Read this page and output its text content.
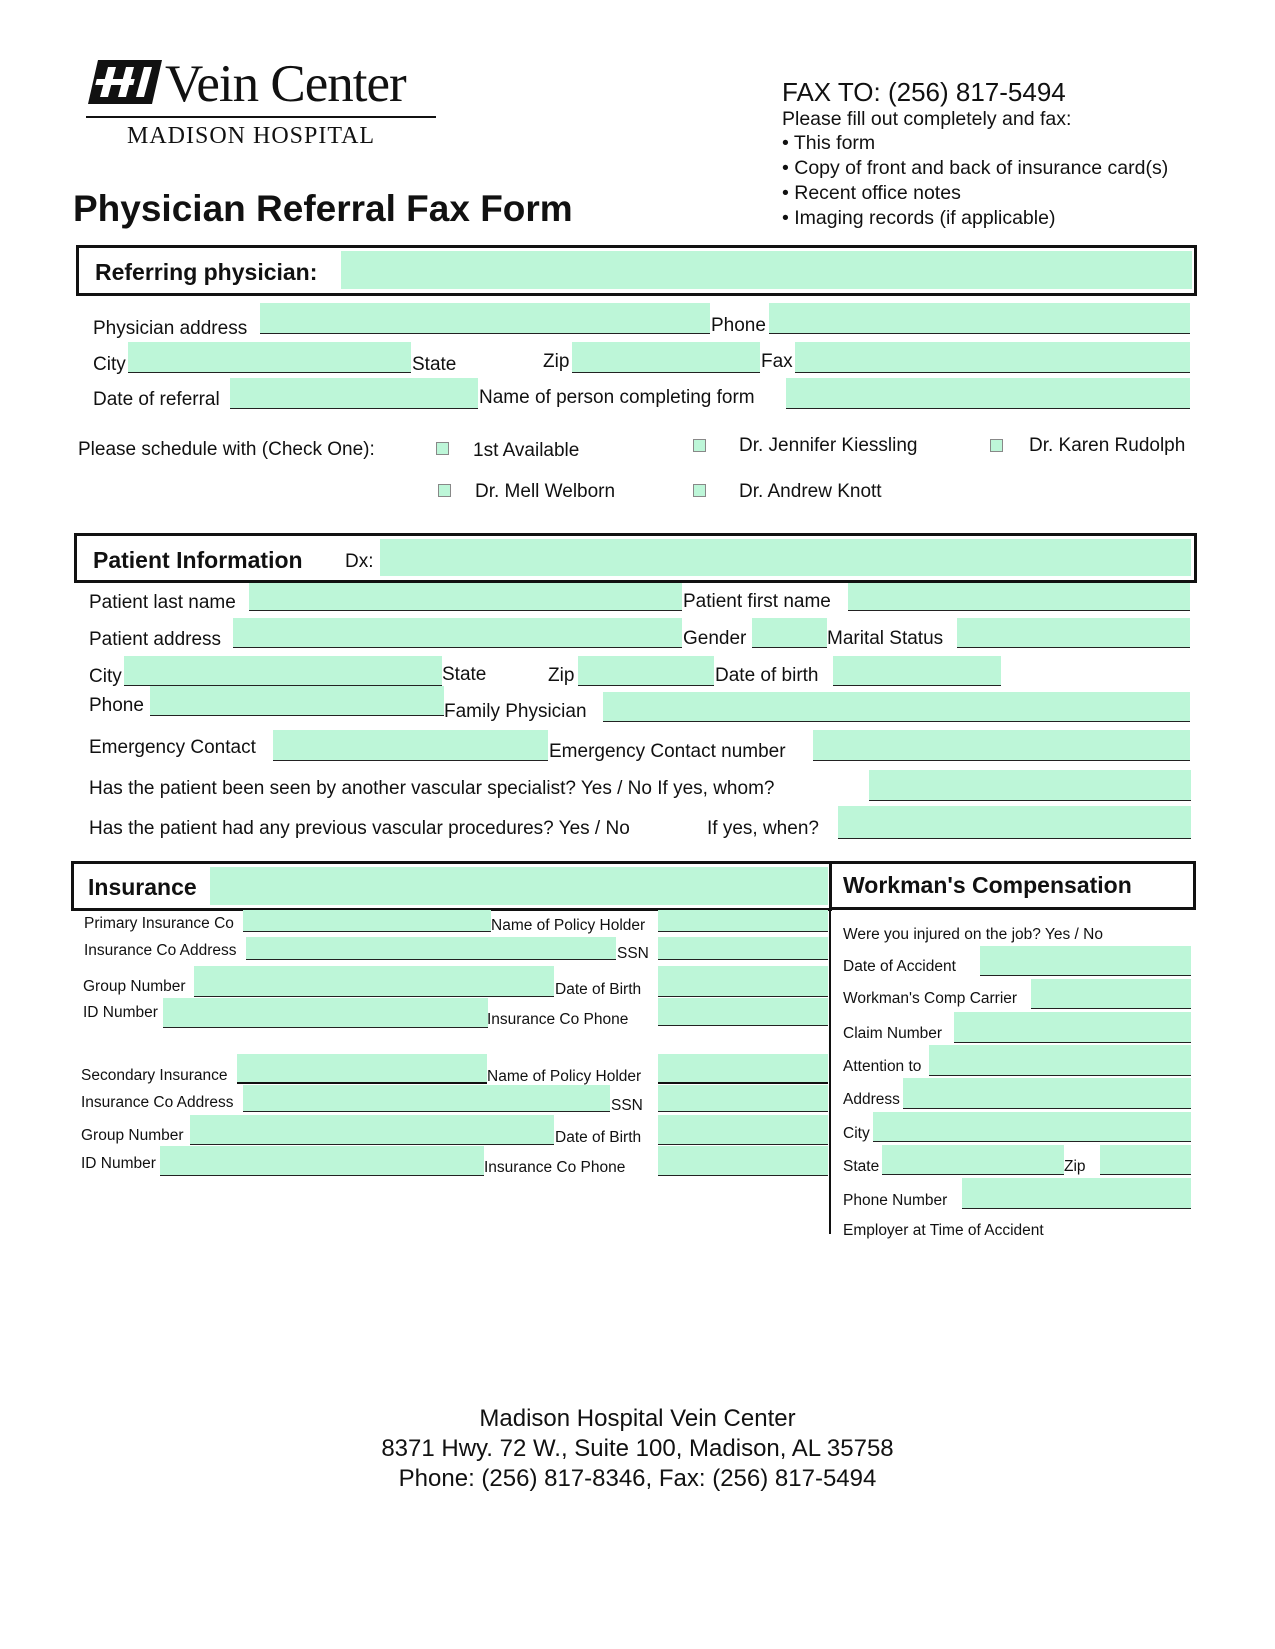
Vein Center
MADISON HOSPITAL
Physician Referral Fax Form
FAX TO: (256) 817-5494
Please fill out completely and fax:
• This form
• Copy of front and back of insurance card(s)
• Recent office notes
• Imaging records (if applicable)
Referring physician:
Physician address	Phone
City	State	Zip	Fax
Date of referral	Name of person completing form
Please schedule with (Check One):	1st Available	Dr. Jennifer Kiessling	Dr. Karen Rudolph
Dr. Mell Welborn	Dr. Andrew Knott
Patient Information Dx:
Patient last name	Patient first name
Patient address	Gender	Marital Status
City	State	Zip	Date of birth
Phone	Family Physician
Emergency Contact	Emergency Contact number
Has the patient been seen by another vascular specialist? Yes / No If yes, whom?
Has the patient had any previous vascular procedures? Yes / No	If yes, when?
Insurance
Primary Insurance Co	Name of Policy Holder
Insurance Co Address	SSN
Group Number	Date of Birth
ID Number	Insurance Co Phone
Secondary Insurance	Name of Policy Holder
Insurance Co Address	SSN
Group Number	Date of Birth
ID Number	Insurance Co Phone
Workman's Compensation
Were you injured on the job? Yes / No
Date of Accident
Workman's Comp Carrier
Claim Number
Attention to
Address
City
State	Zip
Phone Number
Employer at Time of Accident
Madison Hospital Vein Center
8371 Hwy. 72 W., Suite 100, Madison, AL 35758
Phone: (256) 817-8346, Fax: (256) 817-5494
